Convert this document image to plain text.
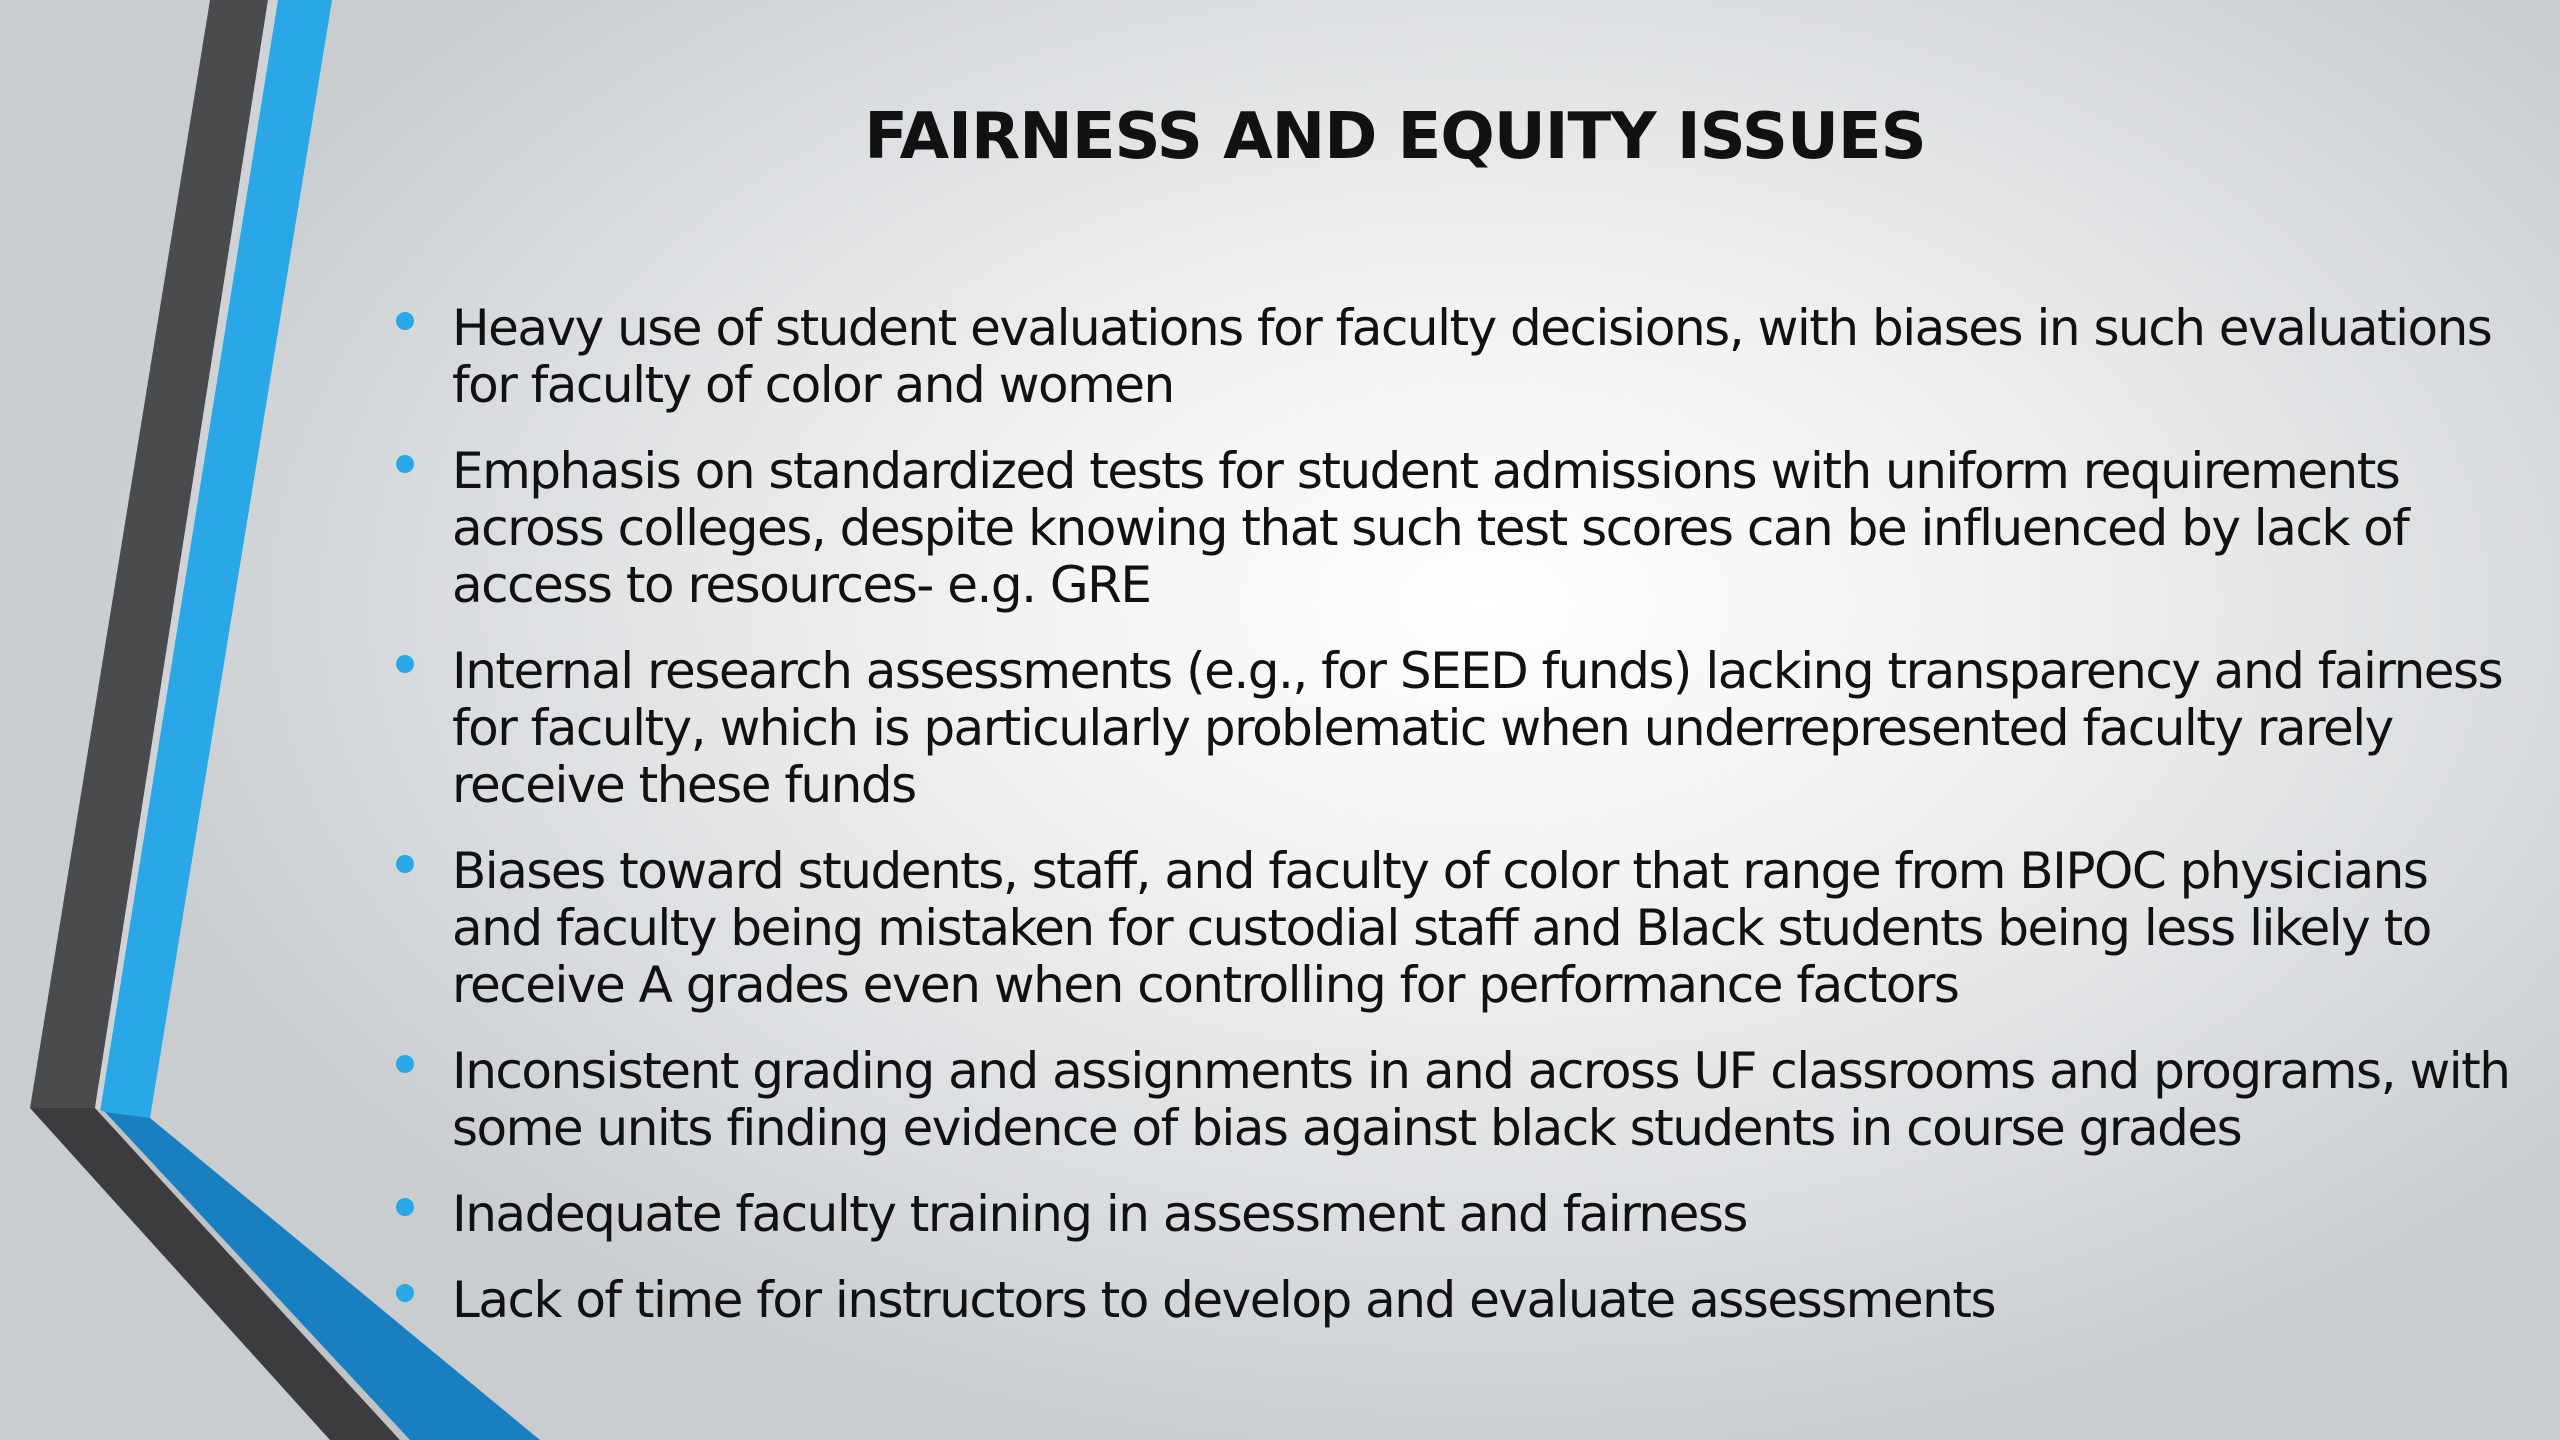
FAIRNESS AND EQUITY ISSUES
Heavy use of student evaluations for faculty decisions, with biases in such evaluations for faculty of color and women
Emphasis on standardized tests for student admissions with uniform requirements across colleges, despite knowing that such test scores can be influenced by lack of access to resources- e.g. GRE
Internal research assessments (e.g., for SEED funds) lacking transparency and fairness for faculty, which is particularly problematic when underrepresented faculty rarely receive these funds
Biases toward students, staff, and faculty of color that range from BIPOC physicians and faculty being mistaken for custodial staff and Black students being less likely to receive A grades even when controlling for performance factors
Inconsistent grading and assignments in and across UF classrooms and programs, with some units finding evidence of bias against black students in course grades
Inadequate faculty training in assessment and fairness
Lack of time for instructors to develop and evaluate assessments
